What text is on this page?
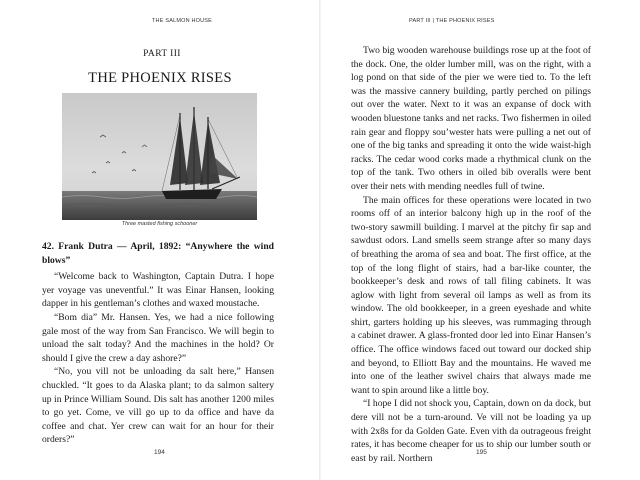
THE SALMON HOUSE
PART III
THE PHOENIX RISES
Three masted fishing schooner

42. Frank Dutra — April, 1892: “Anywhere the wind blows”

“Welcome back to Washington, Captain Dutra. I hope yer voyage vas uneventful.” It was Einar Hansen, looking dapper in his gentleman’s clothes and waxed moustache.

“Bom dia” Mr. Hansen. Yes, we had a nice following gale most of the way from San Francisco. We will begin to unload the salt today? And the machines in the hold? Or should I give the crew a day ashore?”

“No, you vill not be unloading da salt here,” Hansen chuckled. “It goes to da Alaska plant; to da salmon saltery up in Prince William Sound. Dis salt has another 1200 miles to go yet. Come, ve vill go up to da office and have da coffee and chat. Yer crew can wait for an hour for their orders?”

194
PART III | THE PHOENIX RISES

Two big wooden warehouse buildings rose up at the foot of the dock. One, the older lumber mill, was on the right, with a log pond on that side of the pier we were tied to. To the left was the massive cannery building, partly perched on pilings out over the water. Next to it was an expanse of dock with wooden bluestone tanks and net racks. Two fishermen in oiled rain gear and floppy sou’wester hats were pulling a net out of one of the big tanks and spreading it onto the wide waist-high racks. The cedar wood corks made a rhythmical clunk on the top of the tank. Two others in oiled bib overalls were bent over their nets with mending needles full of twine.

The main offices for these operations were located in two rooms off of an interior balcony high up in the roof of the two-story sawmill building. I marvel at the pitchy fir sap and sawdust odors. Land smells seem strange after so many days of breathing the aroma of sea and boat. The first office, at the top of the long flight of stairs, had a bar-like counter, the bookkeeper’s desk and rows of tall filing cabinets. It was aglow with light from several oil lamps as well as from its window. The old bookkeeper, in a green eyeshade and white shirt, garters holding up his sleeves, was rummaging through a cabinet drawer. A glass-fronted door led into Einar Hansen’s office. The office windows faced out toward our docked ship and beyond, to Elliott Bay and the mountains. He waved me into one of the leather swivel chairs that always made me want to spin around like a little boy.

“I hope I did not shock you, Captain, down on da dock, but dere vill not be a turn-around. Ve vill not be loading ya up with 2x8s for da Golden Gate. Even vith da outrageous freight rates, it has become cheaper for us to ship our lumber south or east by rail. Northern

195
